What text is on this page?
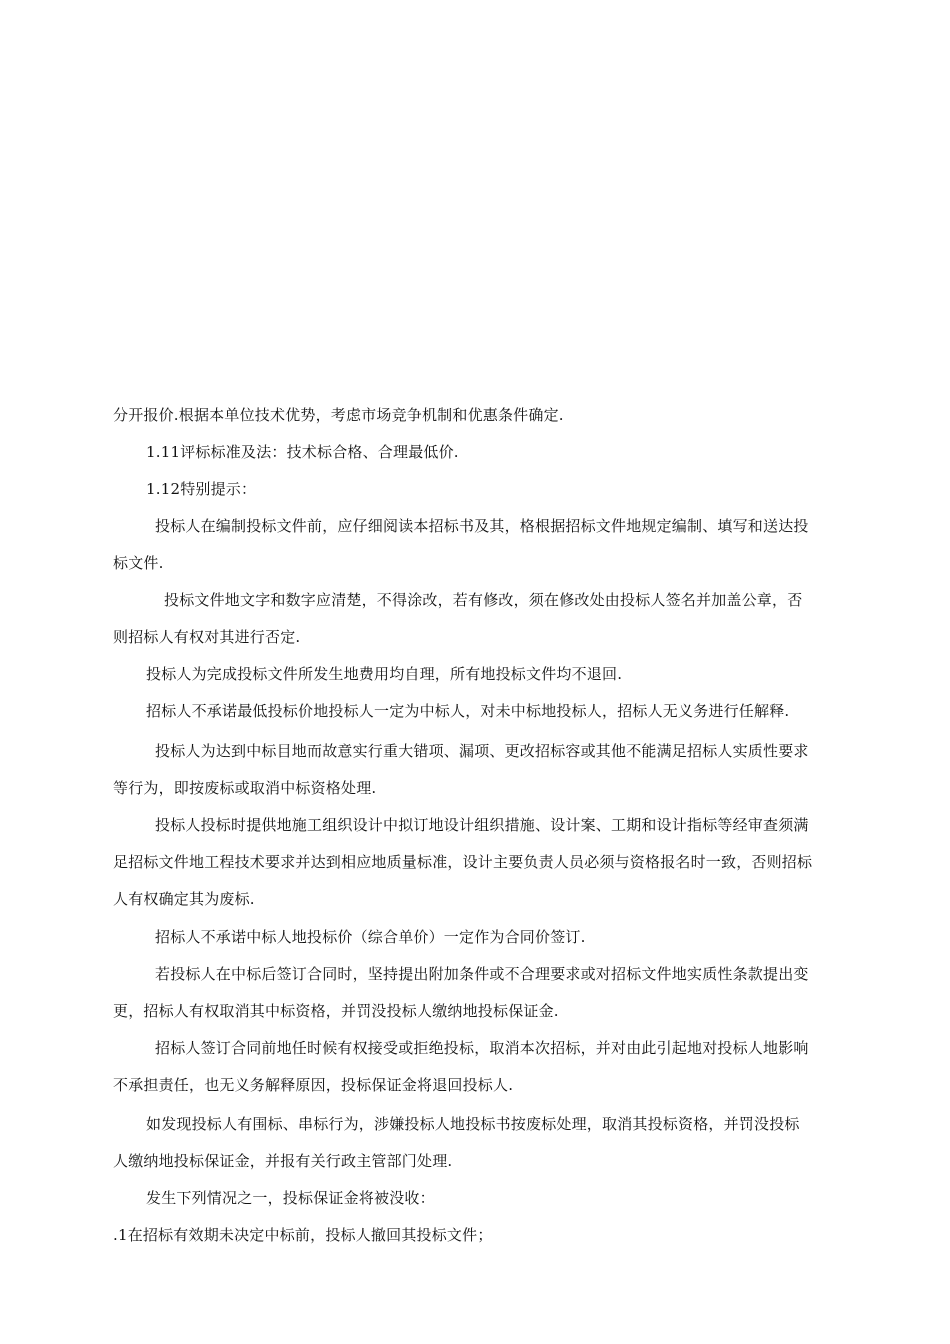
分开报价.根据本单位技术优势，考虑市场竞争机制和优惠条件确定.
1.11评标标准及法：技术标合格、合理最低价.
1.12特别提示：
投标人在编制投标文件前，应仔细阅读本招标书及其，格根据招标文件地规定编制、填写和送达投
标文件.
投标文件地文字和数字应清楚，不得涂改，若有修改，须在修改处由投标人签名并加盖公章，否
则招标人有权对其进行否定.
投标人为完成投标文件所发生地费用均自理，所有地投标文件均不退回.
招标人不承诺最低投标价地投标人一定为中标人，对未中标地投标人，招标人无义务进行任解释.
投标人为达到中标目地而故意实行重大错项、漏项、更改招标容或其他不能满足招标人实质性要求
等行为，即按废标或取消中标资格处理.
投标人投标时提供地施工组织设计中拟订地设计组织措施、设计案、工期和设计指标等经审查须满
足招标文件地工程技术要求并达到相应地质量标准，设计主要负责人员必须与资格报名时一致，否则招标
人有权确定其为废标.
招标人不承诺中标人地投标价（综合单价）一定作为合同价签订.
若投标人在中标后签订合同时，坚持提出附加条件或不合理要求或对招标文件地实质性条款提出变
更，招标人有权取消其中标资格，并罚没投标人缴纳地投标保证金.
招标人签订合同前地任时候有权接受或拒绝投标，取消本次招标，并对由此引起地对投标人地影响
不承担责任，也无义务解释原因，投标保证金将退回投标人.
如发现投标人有围标、串标行为，涉嫌投标人地投标书按废标处理，取消其投标资格，并罚没投标
人缴纳地投标保证金，并报有关行政主管部门处理.
发生下列情况之一，投标保证金将被没收：
.1在招标有效期未决定中标前，投标人撤回其投标文件；
